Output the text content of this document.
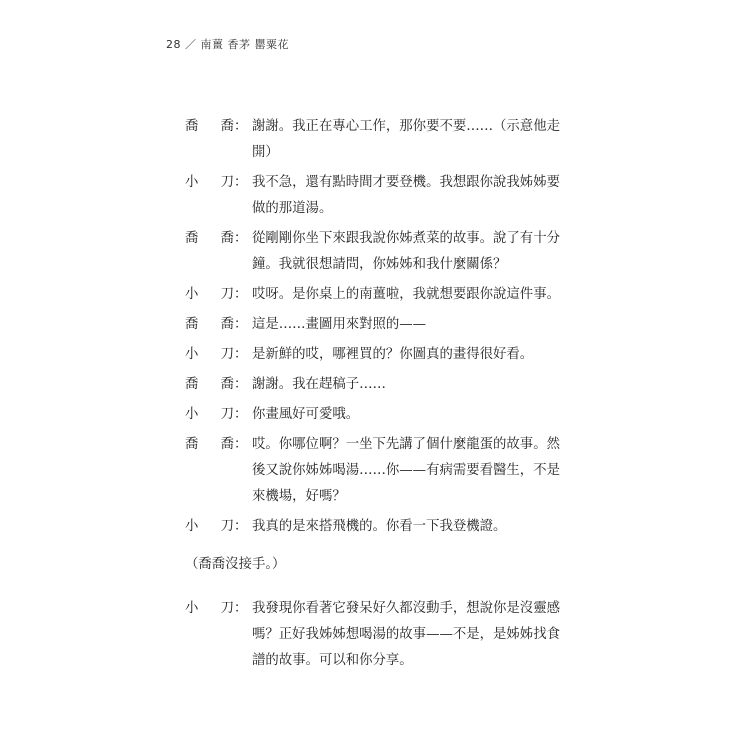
28 ／ 南薑 香茅 罌粟花
喬 喬 ： 謝謝。我正在專心工作，那你要不要……（示意他走開）
小 刀 ： 我不急，還有點時間才要登機。我想跟你說我姊姊要做的那道湯。
喬 喬 ： 從剛剛你坐下來跟我說你姊煮菜的故事。說了有十分鐘。我就很想請問，你姊姊和我什麼關係？
小 刀 ： 哎呀。是你桌上的南薑啦，我就想要跟你說這件事。
喬 喬 ： 這是……畫圖用來對照的——
小 刀 ： 是新鮮的哎，哪裡買的？你圖真的畫得很好看。
喬 喬 ： 謝謝。我在趕稿子……
小 刀 ： 你畫風好可愛哦。
喬 喬 ： 哎。你哪位啊？一坐下先講了個什麼龍蛋的故事。然後又說你姊姊喝湯……你——有病需要看醫生，不是來機場，好嗎？
小 刀 ： 我真的是來搭飛機的。你看一下我登機證。
（喬喬沒接手。）
小 刀 ： 我發現你看著它發呆好久都沒動手，想說你是沒靈感嗎？正好我姊姊想喝湯的故事——不是，是姊姊找食譜的故事。可以和你分享。
